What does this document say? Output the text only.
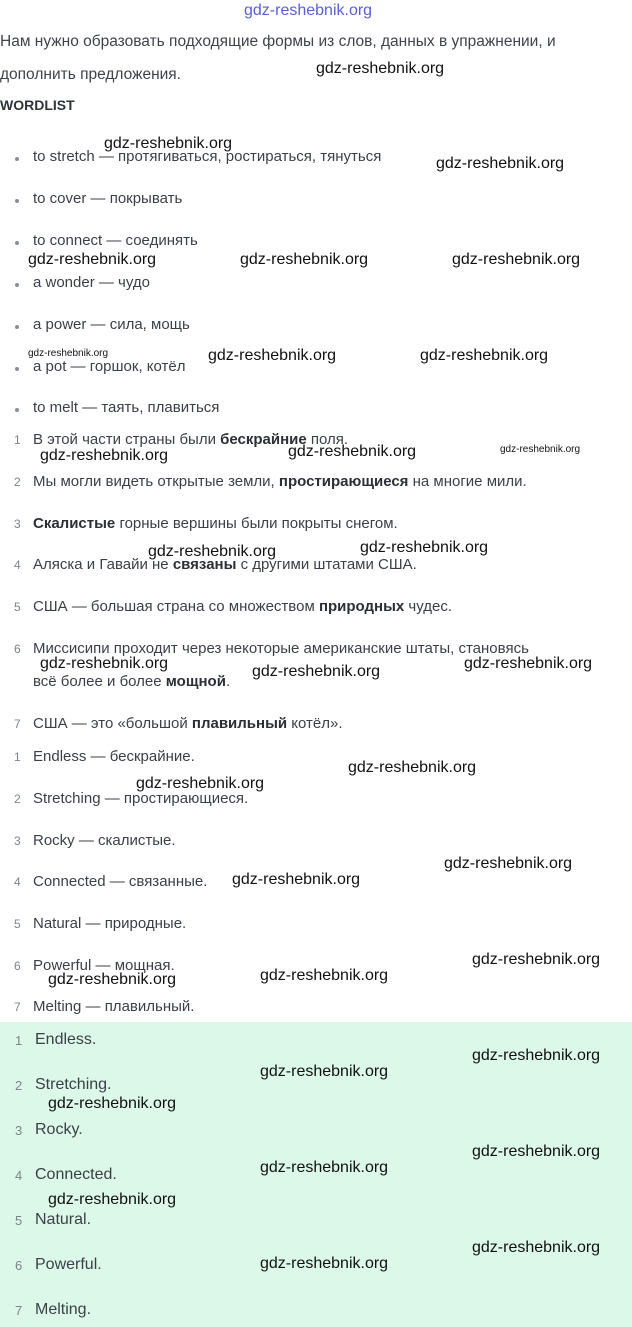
gdz-reshebnik.org
Нам нужно образовать подходящие формы из слов, данных в упражнении, и
дополнить предложения.
WORDLIST
to stretch — протягиваться, ростираться, тянуться
to cover — покрывать
to connect — соединять
a wonder — чудо
a power — сила, мощь
a pot — горшок, котёл
to melt — таять, плавиться
1 В этой части страны были бескрайние поля.
2 Мы могли видеть открытые земли, простирающиеся на многие мили.
3 Скалистые горные вершины были покрыты снегом.
4 Аляска и Гавайи не связаны с другими штатами США.
5 США — большая страна со множеством природных чудес.
6 Миссисипи проходит через некоторые американские штаты, становясь
всё более и более мощной.
7 США — это «большой плавильный котёл».
1 Endless — бескрайние.
2 Stretching — простирающиеся.
3 Rocky — скалистые.
4 Connected — связанные.
5 Natural — природные.
6 Powerful — мощная.
7 Melting — плавильный.
1 Endless.
2 Stretching.
3 Rocky.
4 Connected.
5 Natural.
6 Powerful.
7 Melting.
gdz-reshebnik.org
gdz-reshebnik.org
gdz-reshebnik.org
gdz-reshebnik.org	gdz-reshebnik.org	gdz-reshebnik.org
gdz-reshebnik.org	gdz-reshebnik.org	gdz-reshebnik.org
gdz-reshebnik.org	gdz-reshebnik.org
gdz-reshebnik.org
gdz-reshebnik.org
gdz-reshebnik.org
gdz-reshebnik.org	gdz-reshebnik.org
gdz-reshebnik.org
gdz-reshebnik.org
gdz-reshebnik.org
gdz-reshebnik.org
gdz-reshebnik.org
gdz-reshebnik.org
gdz-reshebnik.org
gdz-reshebnik.org
gdz-reshebnik.org
gdz-reshebnik.org
gdz-reshebnik.org
gdz-reshebnik.org
gdz-reshebnik.org
gdz-reshebnik.org
gdz-reshebnik.org
gdz-reshebnik.org
